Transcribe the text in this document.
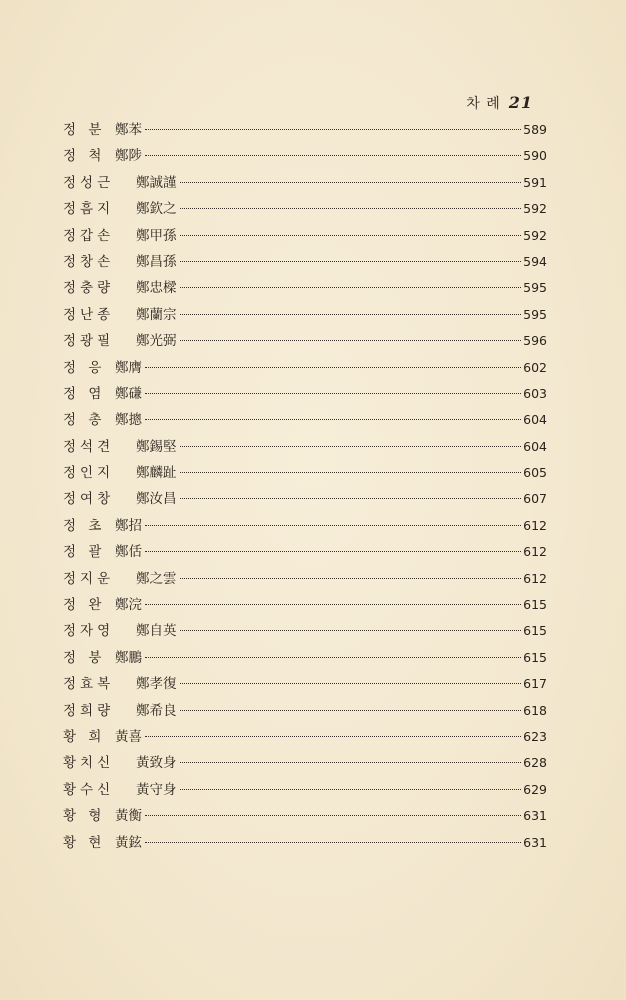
차 례 21
정 분 鄭苯	589
정 척 鄭陟	590
정성근	鄭誠謹	591
정흠지	鄭欽之	592
정갑손	鄭甲孫	592
정창손	鄭昌孫	594
정충량	鄭忠樑	595
정난종	鄭蘭宗	595
정광필	鄭光弼	596
정 응 鄭膺	602
정 염 鄭磏	603
정 총 鄭摠	604
정석견	鄭錫堅	604
정인지	鄭麟趾	605
정여창	鄭汝昌	607
정 초 鄭招	612
정 괄 鄭佸	612
정지운	鄭之雲	612
정 완 鄭浣	615
정자영	鄭自英	615
정 붕 鄭鵬	615
정효복	鄭孝復	617
정희량	鄭希良	618
황 희 黃喜	623
황치신	黃致身	628
황수신	黃守身	629
황 형 黃衡	631
황 현 黃鉉	631
